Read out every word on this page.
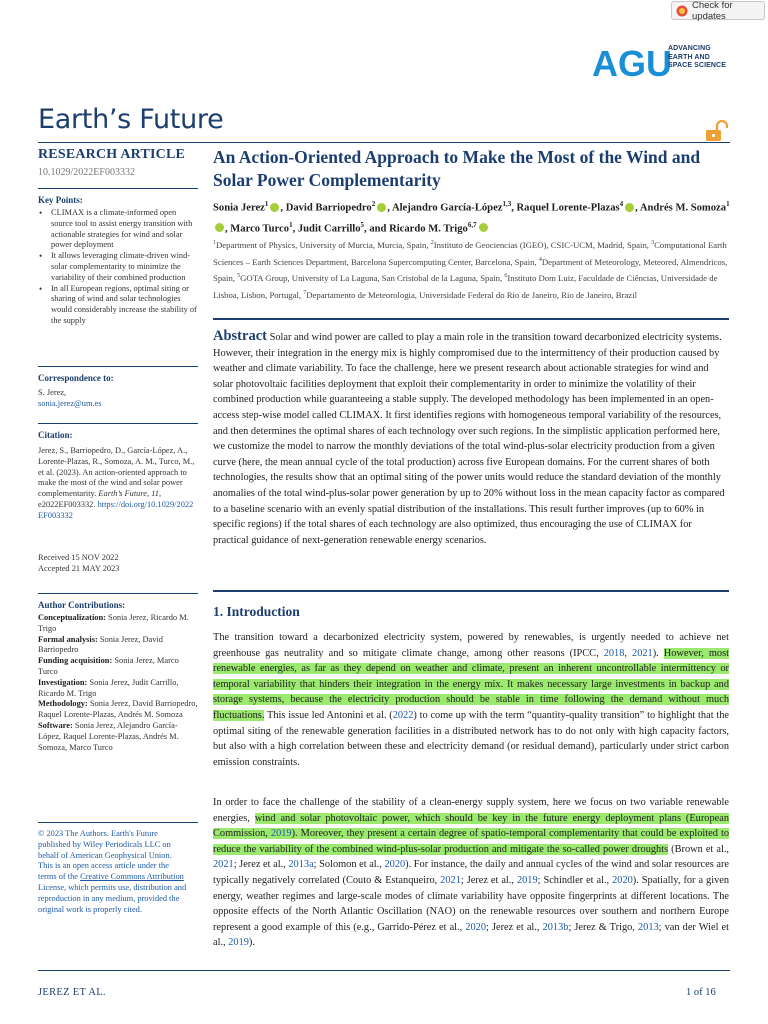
Check for updates
AGU
ADVANCING
EARTH AND
SPACE SCIENCE
Earth’s Future
RESEARCH ARTICLE
10.1029/2022EF003332
Key Points:
• CLIMAX is a climate-informed open source tool to assist energy transition with actionable strategies for wind and solar power deployment
• It allows leveraging climate-driven wind-solar complementarity to minimize the variability of their combined production
• In all European regions, optimal siting or sharing of wind and solar technologies would considerably increase the stability of the supply
Correspondence to:
S. Jerez,
sonia.jerez@um.es
Citation:
Jerez, S., Barriopedro, D., García-López, A., Lorente-Plazas, R., Somoza, A. M., Turco, M., et al. (2023). An action-oriented approach to make the most of the wind and solar power complementarity. Earth’s Future, 11, e2022EF003332. https://doi.org/10.1029/2022EF003332
Received 15 NOV 2022
Accepted 21 MAY 2023
Author Contributions:
Conceptualization: Sonia Jerez, Ricardo M. Trigo
Formal analysis: Sonia Jerez, David Barriopedro
Funding acquisition: Sonia Jerez, Marco Turco
Investigation: Sonia Jerez, Judit Carrillo, Ricardo M. Trigo
Methodology: Sonia Jerez, David Barriopedro, Raquel Lorente-Plazas, Andrés M. Somoza
Software: Sonia Jerez, Alejandro García-López, Raquel Lorente-Plazas, Andrés M. Somoza, Marco Turco
© 2023 The Authors. Earth's Future published by Wiley Periodicals LLC on behalf of American Geophysical Union. This is an open access article under the terms of the Creative Commons Attribution License, which permits use, distribution and reproduction in any medium, provided the original work is properly cited.
An Action-Oriented Approach to Make the Most of the Wind and Solar Power Complementarity
Sonia Jerez$^1$ , David Barriopedro$^2$ , Alejandro García-López$^{1,3}$, Raquel Lorente-Plazas$^4$ , Andrés M. Somoza$^1$, Marco Turco$^1$, Judit Carrillo$^5$, and Ricardo M. Trigo$^{6,7}$
$^1$Department of Physics, University of Murcia, Murcia, Spain, $^2$Instituto de Geociencias (IGEO), CSIC-UCM, Madrid, Spain, $^3$Computational Earth Sciences – Earth Sciences Department, Barcelona Supercomputing Center, Barcelona, Spain, $^4$Department of Meteorology, Meteored, Almendricos, Spain, $^5$GOTA Group, University of La Laguna, San Cristobal de la Laguna, Spain, $^6$Instituto Dom Luiz, Faculdade de Ciências, Universidade de Lisboa, Lisbon, Portugal, $^7$Departamento de Meteorologia, Universidade Federal do Rio de Janeiro, Rio de Janeiro, Brazil
Abstract Solar and wind power are called to play a main role in the transition toward decarbonized electricity systems. However, their integration in the energy mix is highly compromised due to the intermittency of their production caused by weather and climate variability. To face the challenge, here we present research about actionable strategies for wind and solar photovoltaic facilities deployment that exploit their complementarity in order to minimize the volatility of their combined production while guaranteeing a stable supply. The developed methodology has been implemented in an open-access step-wise model called CLIMAX. It first identifies regions with homogeneous temporal variability of the resources, and then determines the optimal shares of each technology over such regions. In the simplistic application performed here, we customize the model to narrow the monthly deviations of the total wind-plus-solar electricity production from a given curve (here, the mean annual cycle of the total production) across five European domains. For the current shares of both technologies, the results show that an optimal siting of the power units would reduce the standard deviation of the monthly anomalies of the total wind-plus-solar power generation by up to 20% without loss in the mean capacity factor as compared to a baseline scenario with an evenly spatial distribution of the installations. This result further improves (up to 60% in specific regions) if the total shares of each technology are also optimized, thus encouraging the use of CLIMAX for practical guidance of next-generation renewable energy scenarios.
1. Introduction
The transition toward a decarbonized electricity system, powered by renewables, is urgently needed to achieve net greenhouse gas neutrality and so mitigate climate change, among other reasons (IPCC, 2018, 2021). However, most renewable energies, as far as they depend on weather and climate, present an inherent uncontrollable intermittency or temporal variability that hinders their integration in the energy mix. It makes necessary large investments in backup and storage systems, because the electricity production should be stable in time following the demand without much fluctuations. This issue led Antonini et al. (2022) to come up with the term “quantity-quality transition” to highlight that the optimal siting of the renewable generation facilities in a distributed network has to do not only with high capacity factors, but also with a high correlation between these and electricity demand (or residual demand), particularly under strict carbon emission constraints.
In order to face the challenge of the stability of a clean-energy supply system, here we focus on two variable renewable energies, wind and solar photovoltaic power, which should be key in the future energy deployment plans (European Commission, 2019). Moreover, they present a certain degree of spatio-temporal complementarity that could be exploited to reduce the variability of the combined wind-plus-solar production and mitigate the so-called power droughts (Brown et al., 2021; Jerez et al., 2013a; Solomon et al., 2020). For instance, the daily and annual cycles of the wind and solar resources are typically negatively correlated (Couto & Estanqueiro, 2021; Jerez et al., 2019; Schindler et al., 2020). Spatially, for a given energy, weather regimes and large-scale modes of climate variability have opposite fingerprints at different locations. The opposite effects of the North Atlantic Oscillation (NAO) on the renewable resources over southern and northern Europe represent a good example of this (e.g., Garrido-Pérez et al., 2020; Jerez et al., 2013b; Jerez & Trigo, 2013; van der Wiel et al., 2019).
JEREZ ET AL.	1 of 16
